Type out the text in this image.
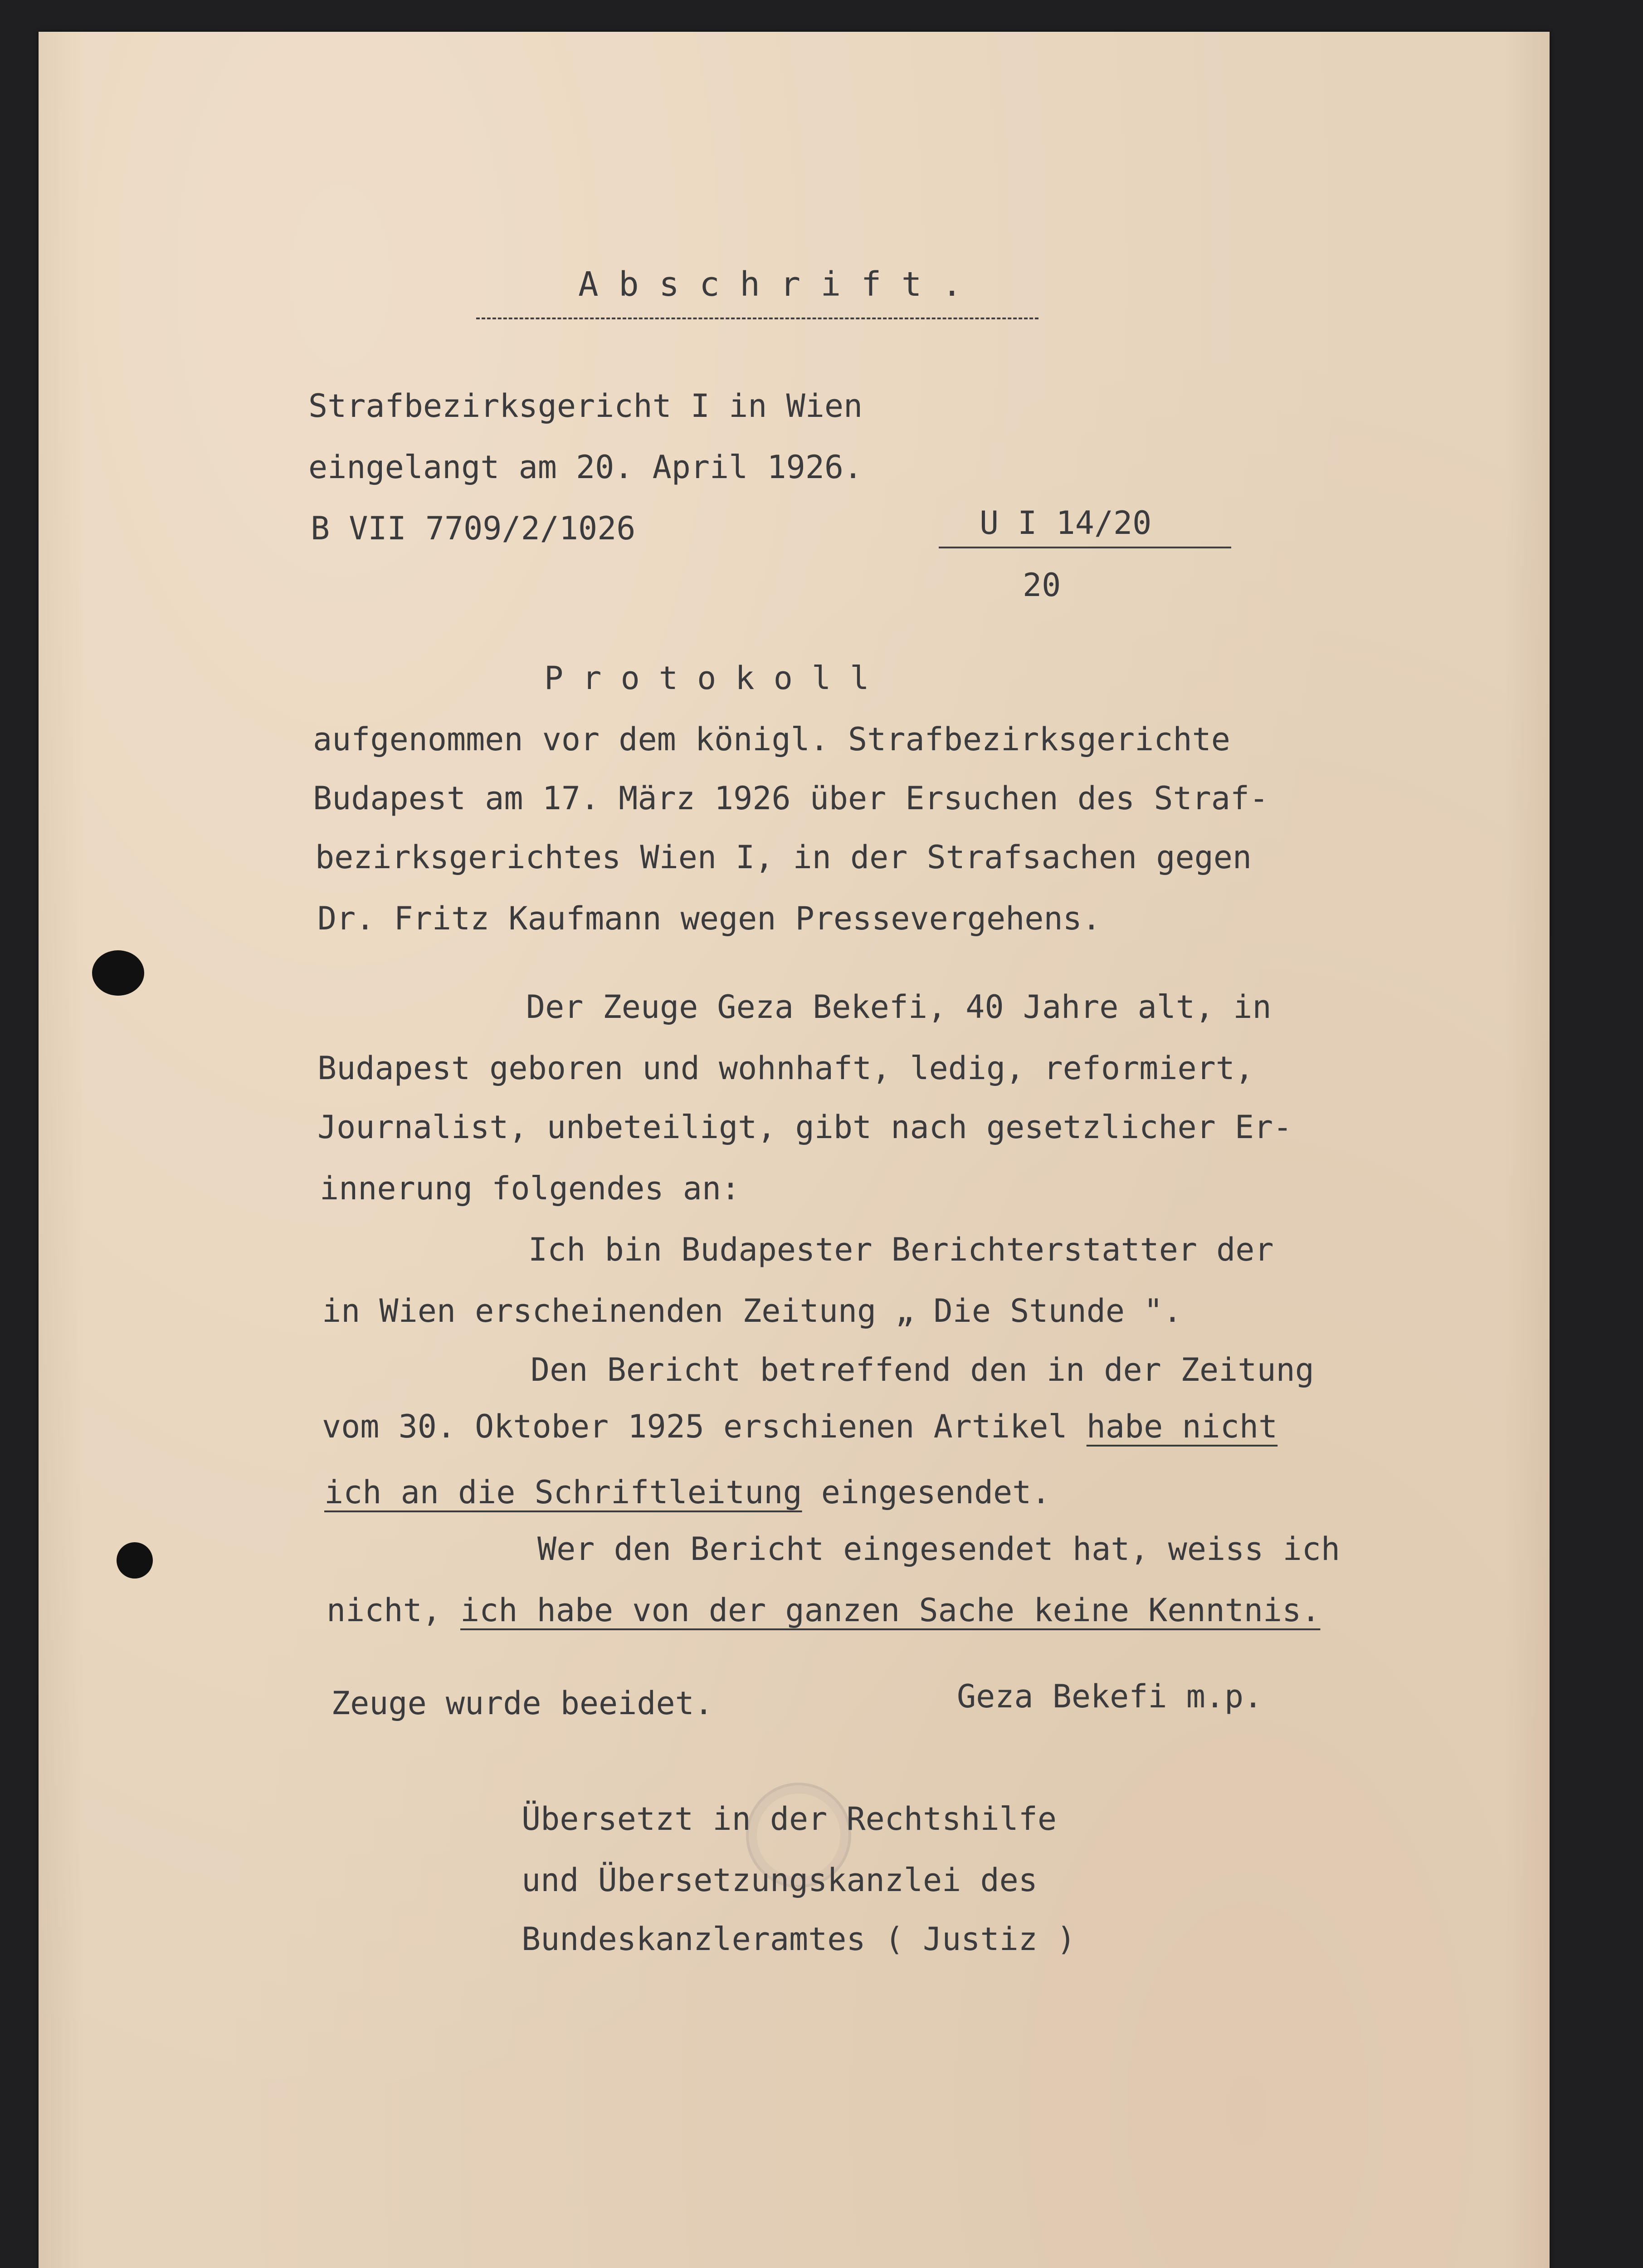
A b s c h r i f t .
Strafbezirksgericht I in Wien
eingelangt am 20. April 1926.
B VII 7709/2/1026	U I 14/20
20
P r o t o k o l l
aufgenommen vor dem königl. Strafbezirksgerichte
Budapest am 17. März 1926 über Ersuchen des Straf-
bezirksgerichtes Wien I, in der Strafsachen gegen
Dr. Fritz Kaufmann wegen Pressevergehens.
Der Zeuge Geza Bekefi, 40 Jahre alt, in
Budapest geboren und wohnhaft, ledig, reformiert,
Journalist, unbeteiligt, gibt nach gesetzlicher Er-
innerung folgendes an:
Ich bin Budapester Berichterstatter der
in Wien erscheinenden Zeitung „ Die Stunde ".
Den Bericht betreffend den in der Zeitung
vom 30. Oktober 1925 erschienen Artikel habe nicht
ich an die Schriftleitung eingesendet.
Wer den Bericht eingesendet hat, weiss ich
nicht, ich habe von der ganzen Sache keine Kenntnis.
Zeuge wurde beeidet.	Geza Bekefi m.p.
Übersetzt in der Rechtshilfe
und Übersetzungskanzlei des
Bundeskanzleramtes ( Justiz )
